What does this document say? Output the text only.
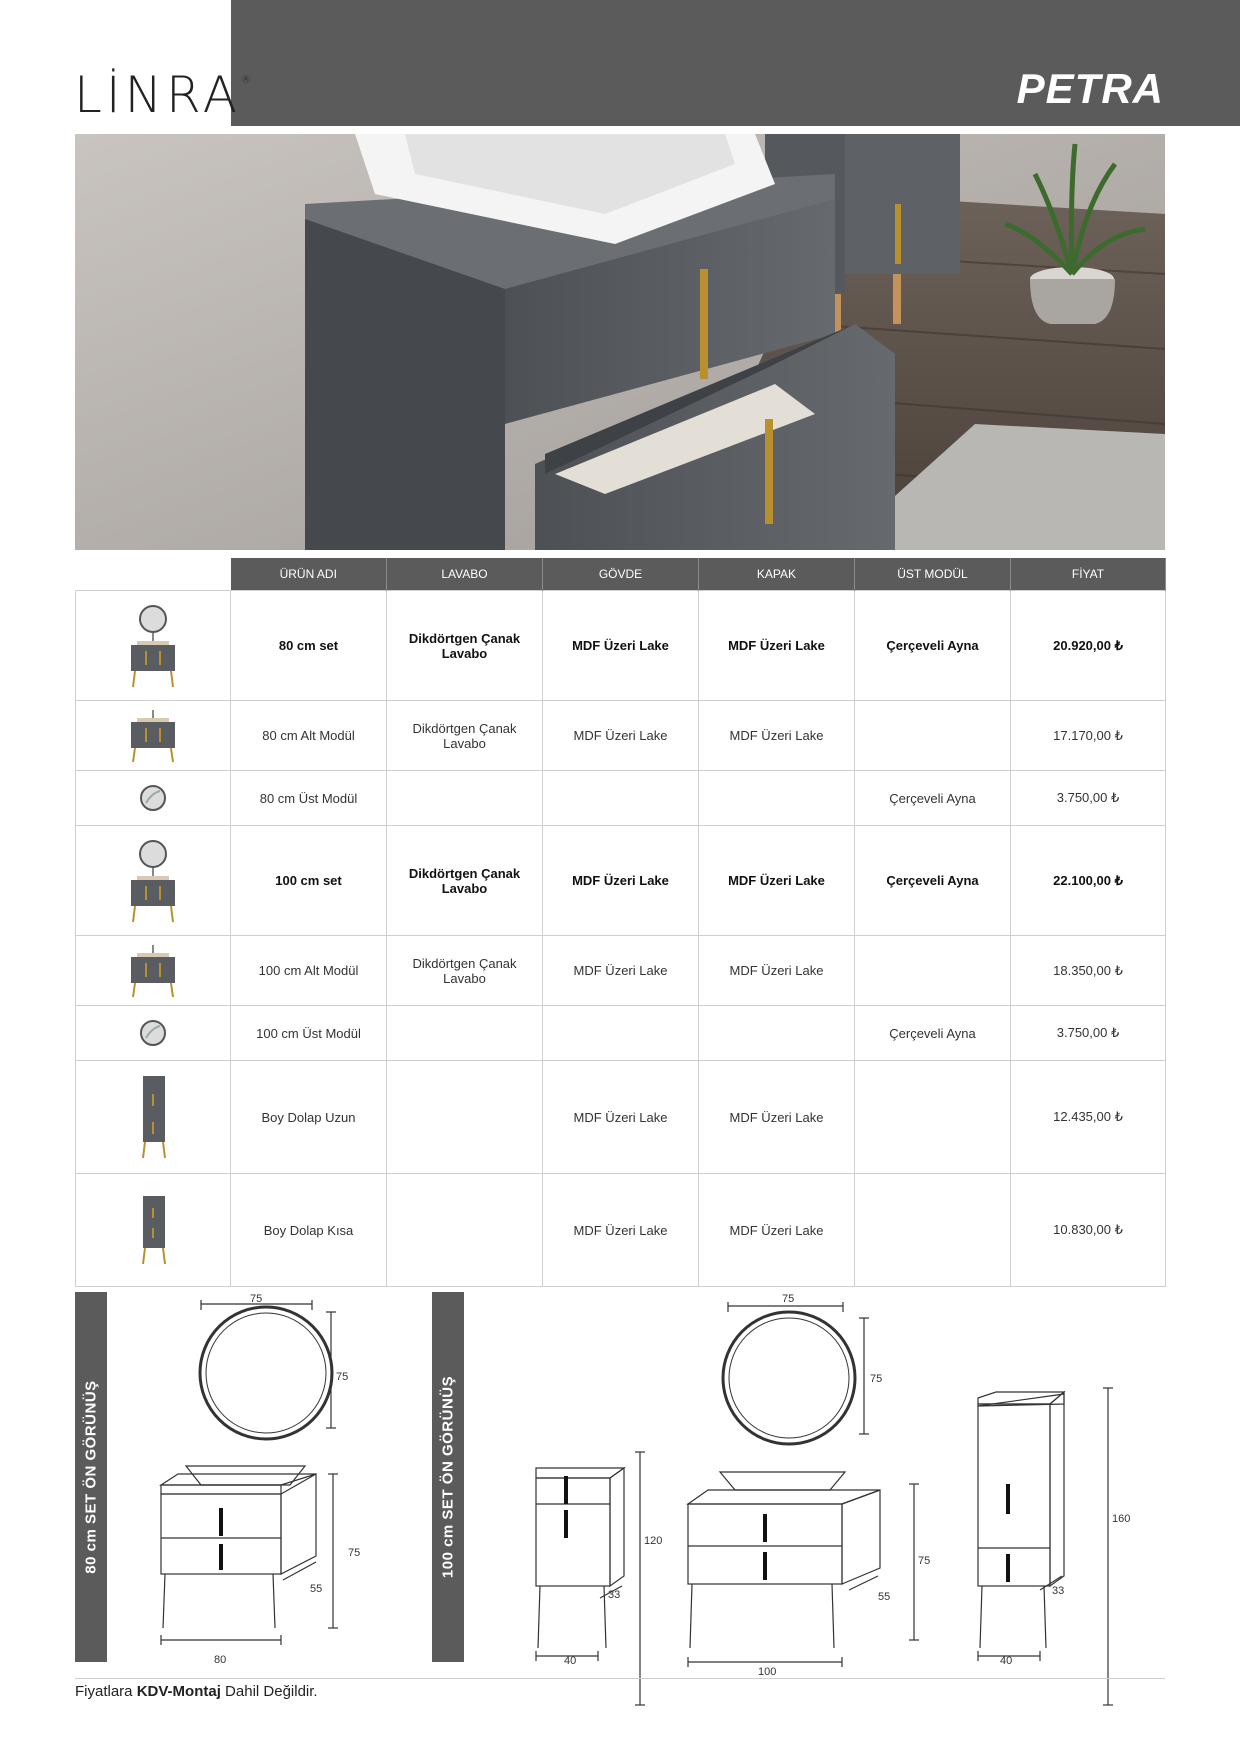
LİNRA®	PETRA
	ÜRÜN ADI	LAVABO	GÖVDE	KAPAK	ÜST MODÜL	FİYAT

	80 cm set	Dikdörtgen Çanak Lavabo	MDF Üzeri Lake	MDF Üzeri Lake	Çerçeveli Ayna	20.920,00 ₺

	80 cm Alt Modül	Dikdörtgen Çanak Lavabo	MDF Üzeri Lake	MDF Üzeri Lake		17.170,00 ₺

	80 cm Üst Modül				Çerçeveli Ayna	3.750,00 ₺

	100 cm set	Dikdörtgen Çanak Lavabo	MDF Üzeri Lake	MDF Üzeri Lake	Çerçeveli Ayna	22.100,00 ₺

	100 cm Alt Modül	Dikdörtgen Çanak Lavabo	MDF Üzeri Lake	MDF Üzeri Lake		18.350,00 ₺

	100 cm Üst Modül				Çerçeveli Ayna	3.750,00 ₺

	Boy Dolap Uzun		MDF Üzeri Lake	MDF Üzeri Lake		12.435,00 ₺

	Boy Dolap Kısa		MDF Üzeri Lake	MDF Üzeri Lake		10.830,00 ₺
80 cm SET ÖN GÖRÜNÜŞ	100 cm SET ÖN GÖRÜNÜŞ
75
75
75
55
80
75
75
120
33
40
75
55
100
160
33
40
Fiyatlara KDV-Montaj Dahil Değildir.
